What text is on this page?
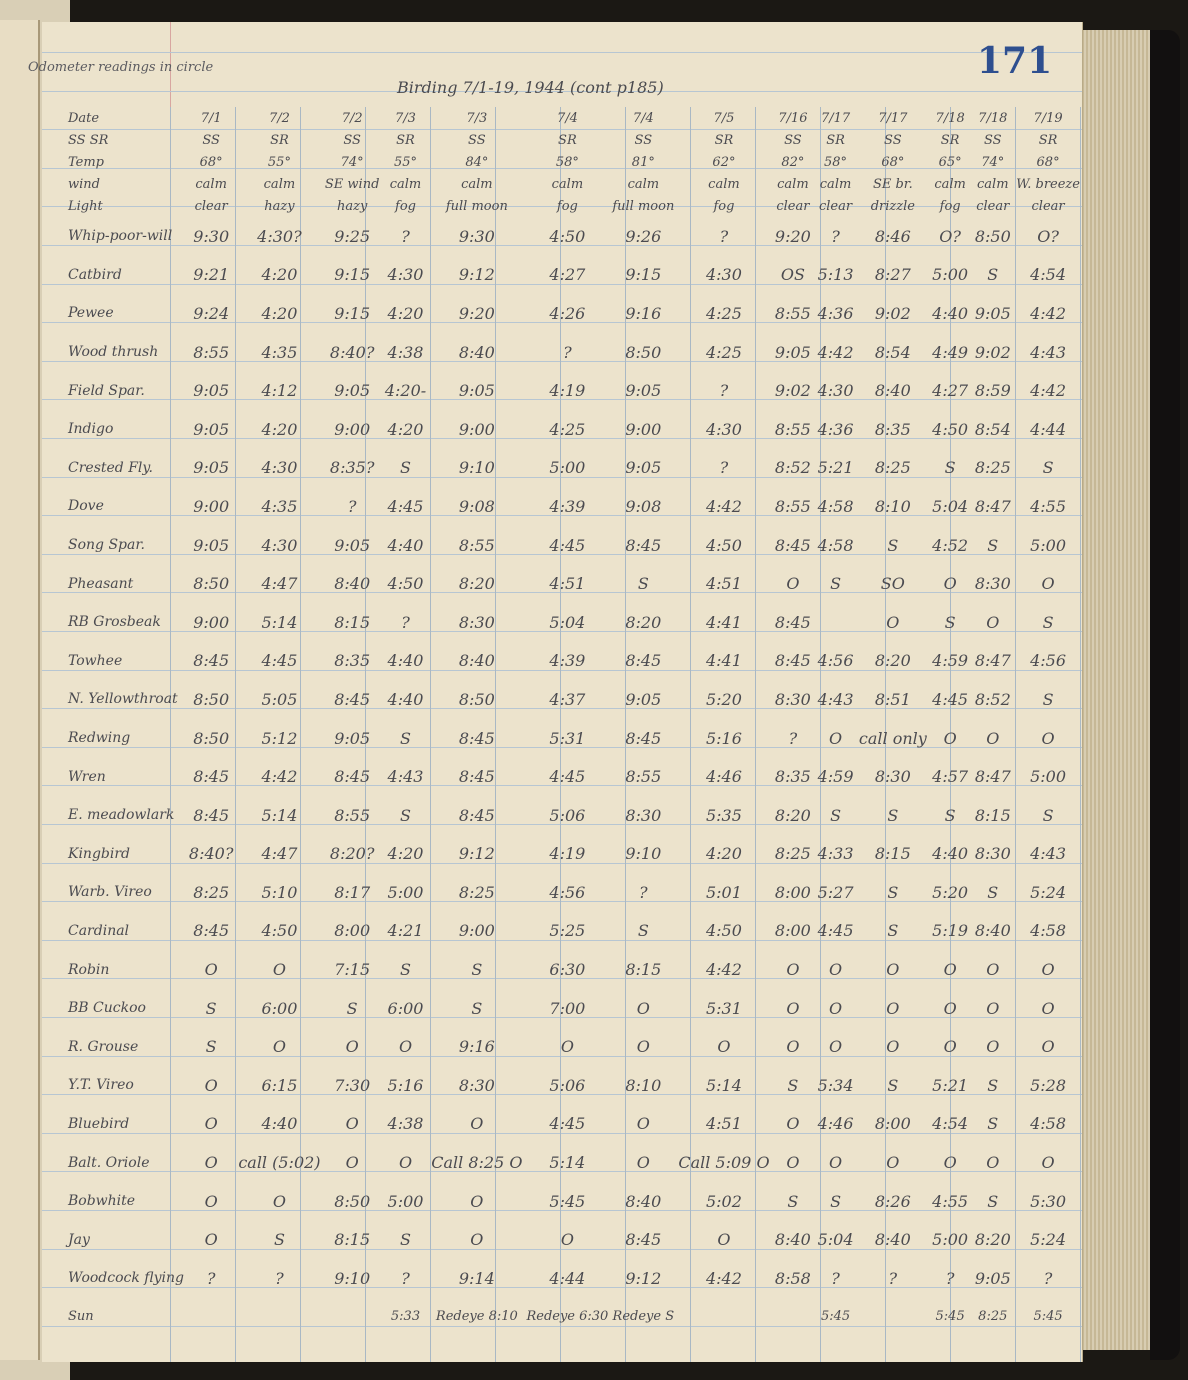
Odometer readings in circle
Birding 7/1-19, 1944 (cont p185)
171
Date	7/1	7/2	7/2	7/3	7/3	7/4	7/4	7/5	7/16	7/17	7/17	7/18	7/18	7/19
SS SR	SS	SR	SS	SR	SS	SR	SS	SR	SS	SR	SS	SR	SS	SR
Temp	68°	55°	74°	55°	84°	58°	81°	62°	82°	58°	68°	65°	74°	68°
wind	calm	calm	SE wind	calm	calm	calm	calm	calm	calm	calm	SE br.	calm	calm	W. breeze
Light	clear	hazy	hazy	fog	full moon	fog	full moon	fog	clear	clear	drizzle	fog	clear	clear
Whip-poor-will	9:30	4:30?	9:25	?	9:30	4:50	9:26	?	9:20	?	8:46	O?	8:50	O?
Catbird	9:21	4:20	9:15	4:30	9:12	4:27	9:15	4:30	OS	5:13	8:27	5:00	S	4:54
Pewee	9:24	4:20	9:15	4:20	9:20	4:26	9:16	4:25	8:55	4:36	9:02	4:40	9:05	4:42
Wood thrush	8:55	4:35	8:40?	4:38	8:40	?	8:50	4:25	9:05	4:42	8:54	4:49	9:02	4:43
Field Spar.	9:05	4:12	9:05	4:20-	9:05	4:19	9:05	?	9:02	4:30	8:40	4:27	8:59	4:42
Indigo	9:05	4:20	9:00	4:20	9:00	4:25	9:00	4:30	8:55	4:36	8:35	4:50	8:54	4:44
Crested Fly.	9:05	4:30	8:35?	S	9:10	5:00	9:05	?	8:52	5:21	8:25	S	8:25	S
Dove	9:00	4:35	?	4:45	9:08	4:39	9:08	4:42	8:55	4:58	8:10	5:04	8:47	4:55
Song Spar.	9:05	4:30	9:05	4:40	8:55	4:45	8:45	4:50	8:45	4:58	S	4:52	S	5:00
Pheasant	8:50	4:47	8:40	4:50	8:20	4:51	S	4:51	O	S	SO	O	8:30	O
RB Grosbeak	9:00	5:14	8:15	?	8:30	5:04	8:20	4:41	8:45		O	S	O	S
Towhee	8:45	4:45	8:35	4:40	8:40	4:39	8:45	4:41	8:45	4:56	8:20	4:59	8:47	4:56
N. Yellowthroat	8:50	5:05	8:45	4:40	8:50	4:37	9:05	5:20	8:30	4:43	8:51	4:45	8:52	S
Redwing	8:50	5:12	9:05	S	8:45	5:31	8:45	5:16	?	O	call only	O	O	O
Wren	8:45	4:42	8:45	4:43	8:45	4:45	8:55	4:46	8:35	4:59	8:30	4:57	8:47	5:00
E. meadowlark	8:45	5:14	8:55	S	8:45	5:06	8:30	5:35	8:20	S	S	S	8:15	S
Kingbird	8:40?	4:47	8:20?	4:20	9:12	4:19	9:10	4:20	8:25	4:33	8:15	4:40	8:30	4:43
Warb. Vireo	8:25	5:10	8:17	5:00	8:25	4:56	?	5:01	8:00	5:27	S	5:20	S	5:24
Cardinal	8:45	4:50	8:00	4:21	9:00	5:25	S	4:50	8:00	4:45	S	5:19	8:40	4:58
Robin	O	O	7:15	S	S	6:30	8:15	4:42	O	O	O	O	O	O
BB Cuckoo	S	6:00	S	6:00	S	7:00	O	5:31	O	O	O	O	O	O
R. Grouse	S	O	O	O	9:16	O	O	O	O	O	O	O	O	O
Y.T. Vireo	O	6:15	7:30	5:16	8:30	5:06	8:10	5:14	S	5:34	S	5:21	S	5:28
Bluebird	O	4:40	O	4:38	O	4:45	O	4:51	O	4:46	8:00	4:54	S	4:58
Balt. Oriole	O	call (5:02)	O	O	Call 8:25 O	5:14	O	Call 5:09 O	O	O	O	O	O	O
Bobwhite	O	O	8:50	5:00	O	5:45	8:40	5:02	S	S	8:26	4:55	S	5:30
Jay	O	S	8:15	S	O	O	8:45	O	8:40	5:04	8:40	5:00	8:20	5:24
Woodcock flying	?	?	9:10	?	9:14	4:44	9:12	4:42	8:58	?	?	?	9:05	?
Sun				5:33	Redeye 8:10	Redeye 6:30	Redeye S			5:45		5:45	8:25	5:45
